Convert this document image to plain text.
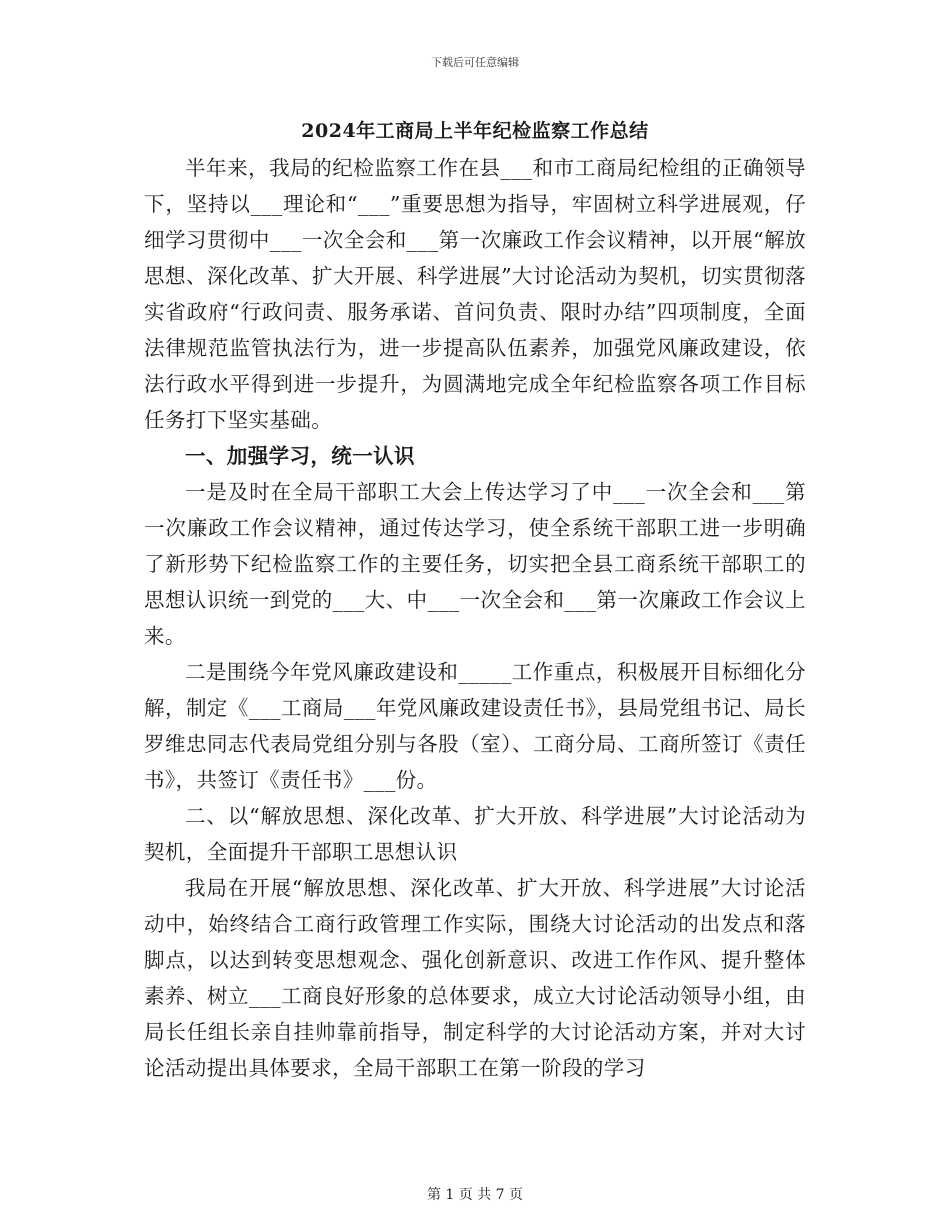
下载后可任意编辑
2024年工商局上半年纪检监察工作总结

半年来，我局的纪检监察工作在县___和市工商局纪检组的正确领导下，坚持以___理论和“___”重要思想为指导，牢固树立科学进展观，仔细学习贯彻中___一次全会和___第一次廉政工作会议精神，以开展“解放思想、深化改革、扩大开展、科学进展”大讨论活动为契机，切实贯彻落实省政府“行政问责、服务承诺、首问负责、限时办结”四项制度，全面法律规范监管执法行为，进一步提高队伍素养，加强党风廉政建设，依法行政水平得到进一步提升，为圆满地完成全年纪检监察各项工作目标任务打下坚实基础。

一、加强学习，统一认识

一是及时在全局干部职工大会上传达学习了中___一次全会和___第一次廉政工作会议精神，通过传达学习，使全系统干部职工进一步明确了新形势下纪检监察工作的主要任务，切实把全县工商系统干部职工的思想认识统一到党的___大、中___一次全会和___第一次廉政工作会议上来。

二是围绕今年党风廉政建设和_____工作重点，积极展开目标细化分解，制定《___工商局___年党风廉政建设责任书》，县局党组书记、局长罗维忠同志代表局党组分别与各股（室）、工商分局、工商所签订《责任书》，共签订《责任书》___份。

二、以“解放思想、深化改革、扩大开放、科学进展”大讨论活动为契机，全面提升干部职工思想认识

我局在开展“解放思想、深化改革、扩大开放、科学进展”大讨论活动中，始终结合工商行政管理工作实际，围绕大讨论活动的出发点和落脚点，以达到转变思想观念、强化创新意识、改进工作作风、提升整体素养、树立___工商良好形象的总体要求，成立大讨论活动领导小组，由局长任组长亲自挂帅靠前指导，制定科学的大讨论活动方案，并对大讨论活动提出具体要求，全局干部职工在第一阶段的学习

第 1 页 共 7 页
